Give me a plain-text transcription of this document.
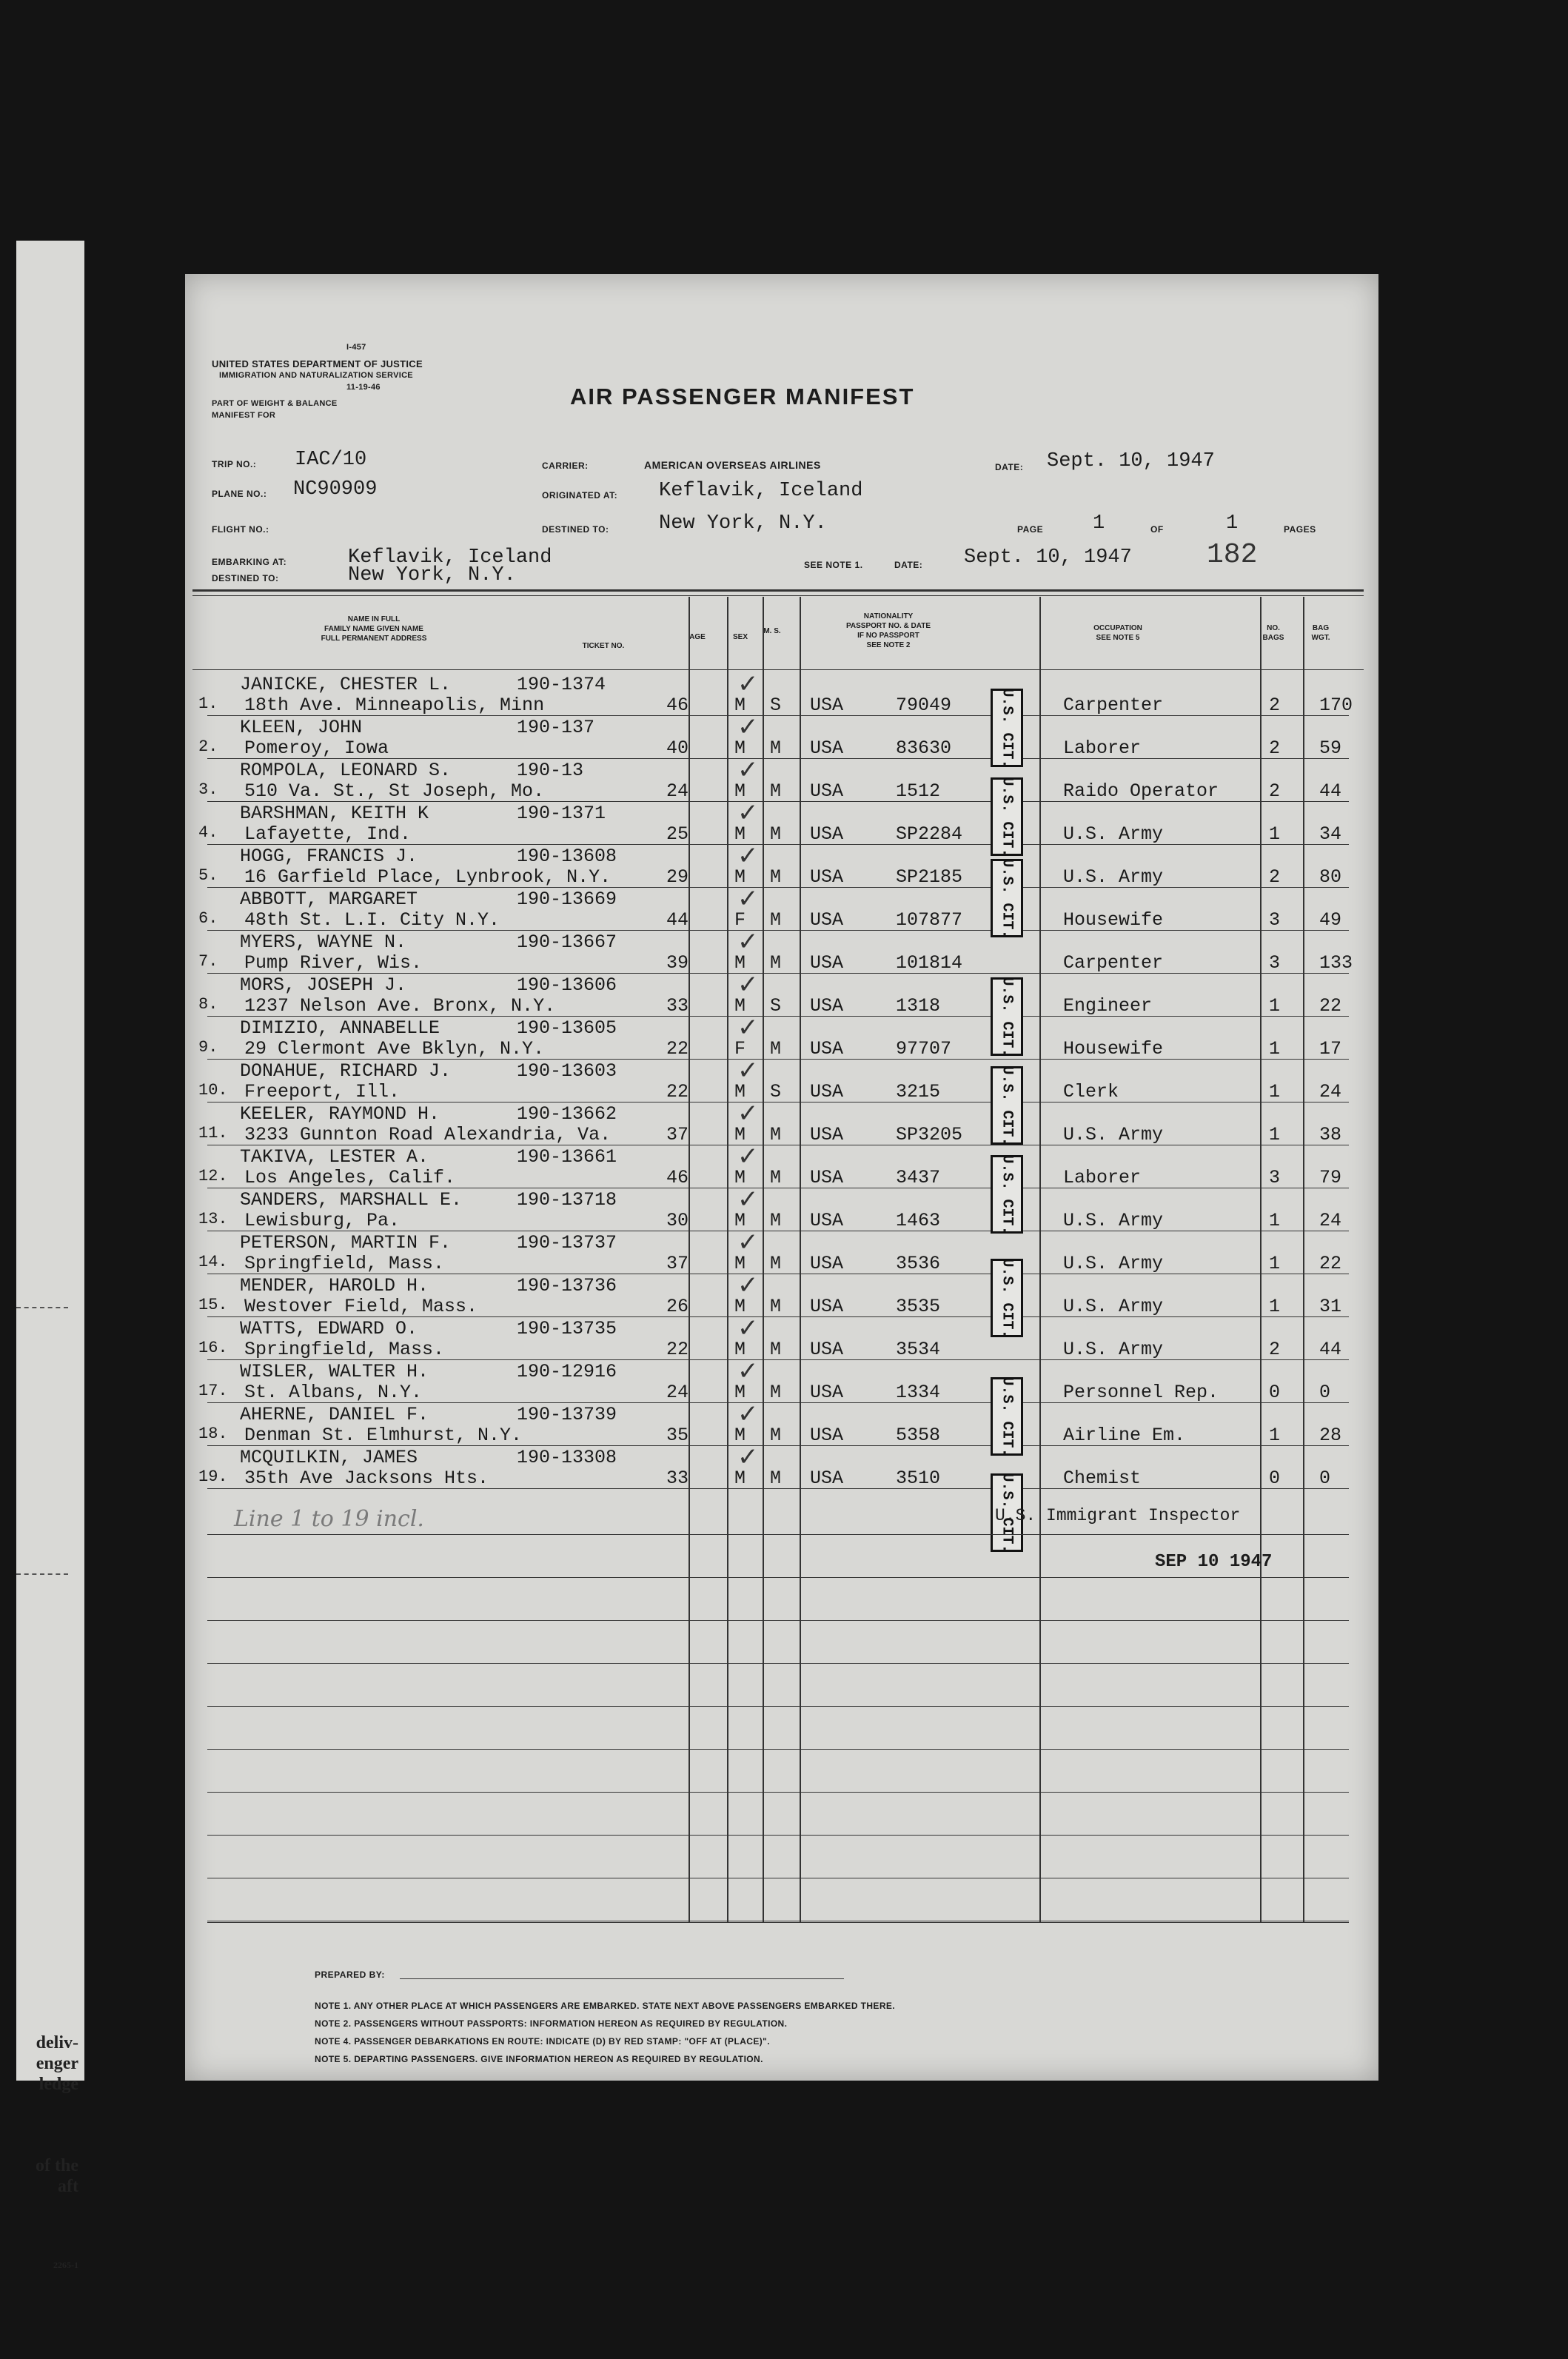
deliv-
enger
ledge
of the
aft
2265-1
I-457
UNITED STATES DEPARTMENT OF JUSTICE
IMMIGRATION AND NATURALIZATION SERVICE
11-19-46
PART OF WEIGHT & BALANCE
MANIFEST FOR
AIR PASSENGER MANIFEST
TRIP NO.: IAC/10
PLANE NO.: NC90909
FLIGHT NO.:
CARRIER:	AMERICAN OVERSEAS AIRLINES
ORIGINATED AT: Keflavik, Iceland
DESTINED TO:	New York, N.Y.
DATE: Sept. 10, 1947
PAGE 1	OF	1	PAGES
EMBARKING AT:	Keflavik, Iceland
DESTINED TO:	New York, N.Y.	SEE NOTE 1.	DATE: Sept. 10, 1947	182
NAME IN FULL
FAMILY NAME GIVEN NAME
FULL PERMANENT ADDRESS
TICKET NO.
AGE	SEX
M. S.
NATIONALITY
PASSPORT NO. & DATE
IF NO PASSPORT
SEE NOTE 2
OCCUPATION
SEE NOTE 5
NO. BAGS
BAG WGT.
1.
JANICKE, CHESTER L.	190-1374
18th Ave. Minneapolis, Minn	46 M S USA	79049	Carpenter	2 170
✓
2.
KLEEN, JOHN	190-137
Pomeroy, Iowa	40 M M USA	83630	Laborer	2 59
✓
3.
ROMPOLA, LEONARD S.	190-13
510 Va. St., St Joseph, Mo.	24 M M USA	1512	Raido Operator	2 44
✓
4.
BARSHMAN, KEITH K	190-1371
Lafayette, Ind.	25 M M USA	SP2284	U.S. Army	1 34
✓
5.
HOGG, FRANCIS J.	190-13608
16 Garfield Place, Lynbrook, N.Y.	29 M M USA	SP2185	U.S. Army	2 80
✓
6.
ABBOTT, MARGARET	190-13669
48th St. L.I. City N.Y.	44 F M USA	107877	Housewife	3 49
✓
7.
MYERS, WAYNE N.	190-13667
Pump River, Wis.	39 M M USA	101814	Carpenter	3 133
✓
8.
MORS, JOSEPH J.	190-13606
1237 Nelson Ave. Bronx, N.Y.	33 M S USA	1318	Engineer	1 22
✓
9.
DIMIZIO, ANNABELLE	190-13605
29 Clermont Ave Bklyn, N.Y.	22 F M USA	97707	Housewife	1 17
✓
10.
DONAHUE, RICHARD J.	190-13603
Freeport, Ill.	22 M S USA	3215	Clerk	1 24
✓
11.
KEELER, RAYMOND H.	190-13662
3233 Gunnton Road Alexandria, Va.	37 M M USA	SP3205	U.S. Army	1 38
✓
12.
TAKIVA, LESTER A.	190-13661
Los Angeles, Calif.	46 M M USA	3437	Laborer	3 79
✓
13.
SANDERS, MARSHALL E.	190-13718
Lewisburg, Pa.	30 M M USA	1463	U.S. Army	1 24
✓
14.
PETERSON, MARTIN F.	190-13737
Springfield, Mass.	37 M M USA	3536	U.S. Army	1 22
✓
15.
MENDER, HAROLD H.	190-13736
Westover Field, Mass.	26 M M USA	3535	U.S. Army	1 31
✓
16.
WATTS, EDWARD O.	190-13735
Springfield, Mass.	22 M M USA	3534	U.S. Army	2 44
✓
17.
WISLER, WALTER H.	190-12916
St. Albans, N.Y.	24 M M USA	1334	Personnel Rep.	0 0
✓
18.
AHERNE, DANIEL F.	190-13739
Denman St. Elmhurst, N.Y.	35 M M USA	5358	Airline Em.	1 28
✓
19.
MCQUILKIN, JAMES	190-13308
35th Ave Jacksons Hts.	33 M M USA	3510	Chemist	0 0
✓
U.S. CIT.
U.S. CIT.
U.S. CIT.
U.S. CIT.
U.S. CIT.
U.S. CIT.
U.S. CIT.
U.S. CIT.
U.S. CIT.
Line 1 to 19 incl.	U.S. Immigrant Inspector
SEP 10 1947
PREPARED BY:
NOTE 1. ANY OTHER PLACE AT WHICH PASSENGERS ARE EMBARKED. STATE NEXT ABOVE PASSENGERS EMBARKED THERE.
NOTE 2. PASSENGERS WITHOUT PASSPORTS: INFORMATION HEREON AS REQUIRED BY REGULATION.
NOTE 4. PASSENGER DEBARKATIONS EN ROUTE: INDICATE (D) BY RED STAMP: "OFF AT (PLACE)".
NOTE 5. DEPARTING PASSENGERS. GIVE INFORMATION HEREON AS REQUIRED BY REGULATION.
